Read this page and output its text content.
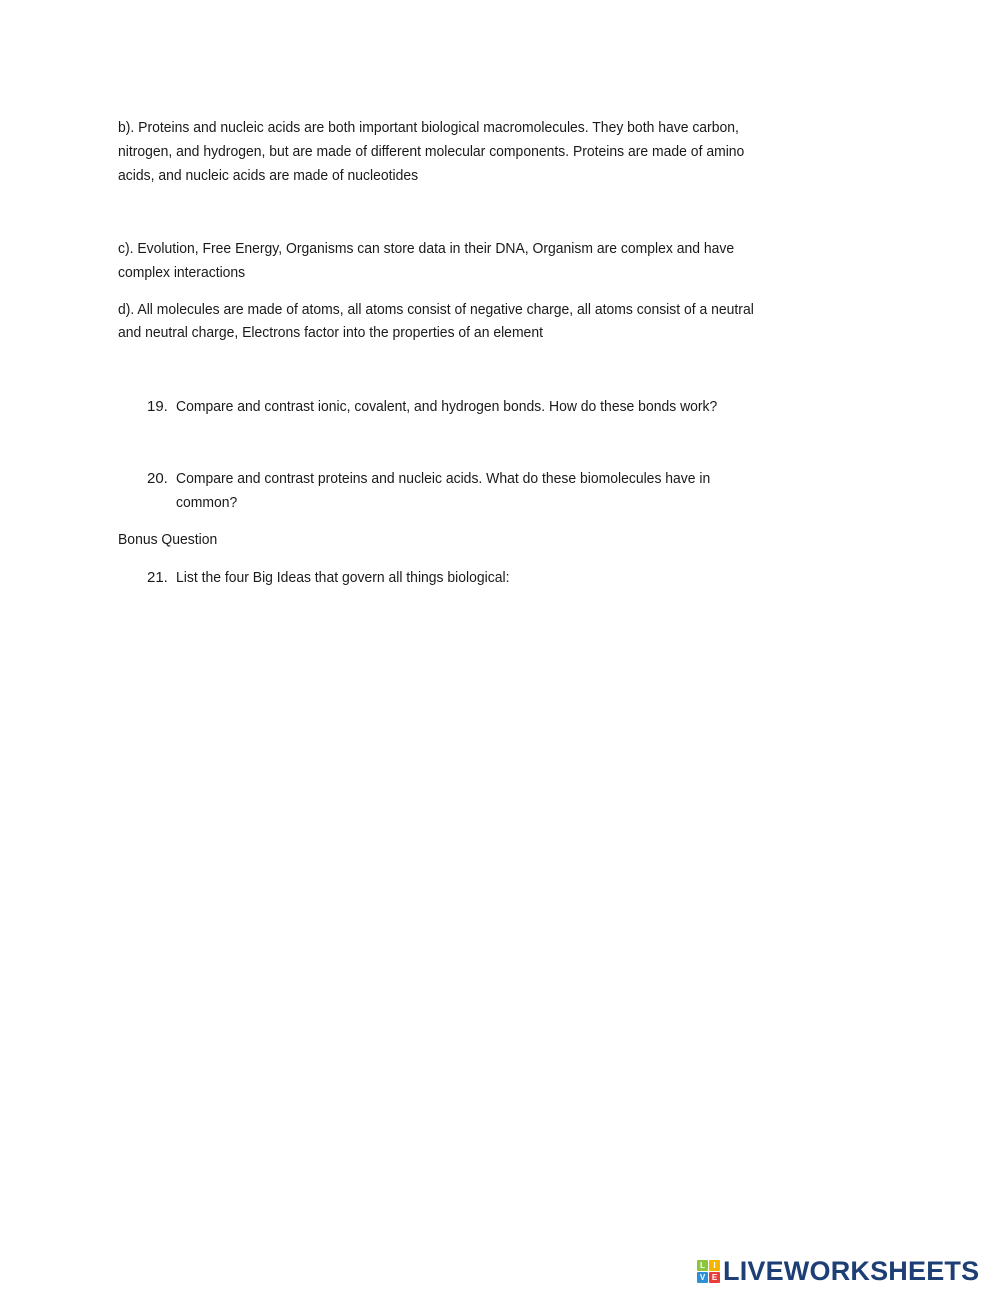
b). Proteins and nucleic acids are both important biological macromolecules. They both have carbon,
nitrogen, and hydrogen, but are made of different molecular components. Proteins are made of amino
acids, and nucleic acids are made of nucleotides
c). Evolution, Free Energy, Organisms can store data in their DNA, Organism are complex and have
complex interactions
d). All molecules are made of atoms, all atoms consist of negative charge, all atoms consist of a neutral
and neutral charge, Electrons factor into the properties of an element
19. Compare and contrast ionic, covalent, and hydrogen bonds. How do these bonds work?
20. Compare and contrast proteins and nucleic acids. What do these biomolecules have in
common?
Bonus Question
21. List the four Big Ideas that govern all things biological:
L	I
V E LIVEWORKSHEETS
